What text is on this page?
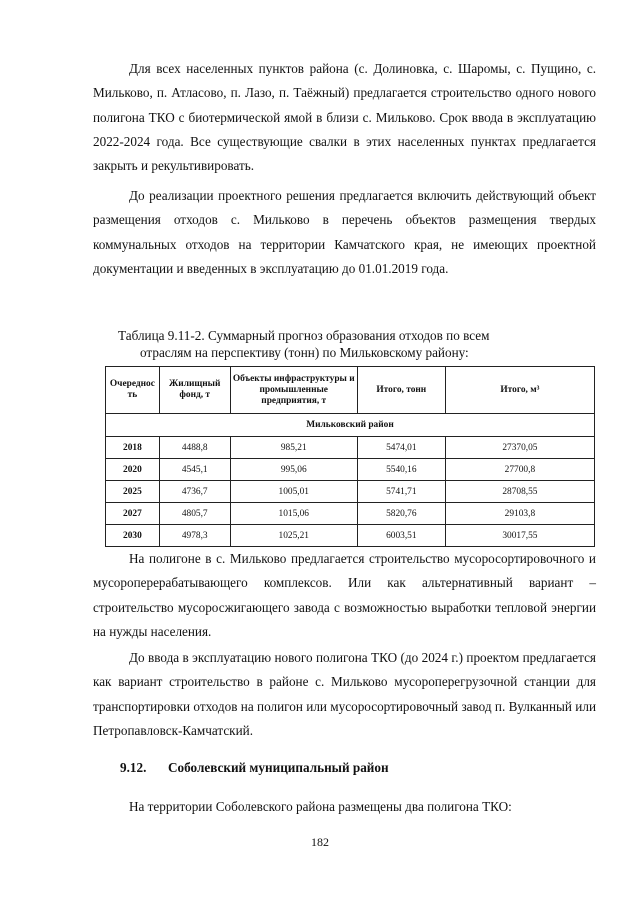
Для всех населенных пунктов района (с. Долиновка, с. Шаромы, с. Пущино, с. Мильково, п. Атласово, п. Лазо, п. Таёжный) предлагается строительство одного нового полигона ТКО с биотермической ямой в близи с. Мильково. Срок ввода в эксплуатацию 2022-2024 года. Все существующие свалки в этих населенных пунктах предлагается закрыть и рекультивировать.

До реализации проектного решения предлагается включить действующий объект размещения отходов с. Мильково в перечень объектов размещения твердых коммунальных отходов на территории Камчатского края, не имеющих проектной документации и введенных в эксплуатацию до 01.01.2019 года.

Таблица 9.11-2. Суммарный прогноз образования отходов по всем
отраслям на перспективу (тонн) по Мильковскому району:

Очереднос ть	Жилищный фонд, т	Объекты инфраструктуры и промышленные предприятия, т	Итого, тонн	Итого, м³
Мильковский район				
2018	4488,8	985,21	5474,01	27370,05
2020	4545,1	995,06	5540,16	27700,8
2025	4736,7	1005,01	5741,71	28708,55
2027	4805,7	1015,06	5820,76	29103,8
2030	4978,3	1025,21	6003,51	30017,55

На полигоне в с. Мильково предлагается строительство мусоросортировочного и мусороперерабатывающего комплексов. Или как альтернативный вариант – строительство мусоросжигающего завода с возможностью выработки тепловой энергии на нужды населения.

До ввода в эксплуатацию нового полигона ТКО (до 2024 г.) проектом предлагается как вариант строительство в районе с. Мильково мусороперегрузочной станции для транспортировки отходов на полигон или мусоросортировочный завод п. Вулканный или Петропавловск-Камчатский.

9.12. Соболевский муниципальный район

На территории Соболевского района размещены два полигона ТКО:

182
